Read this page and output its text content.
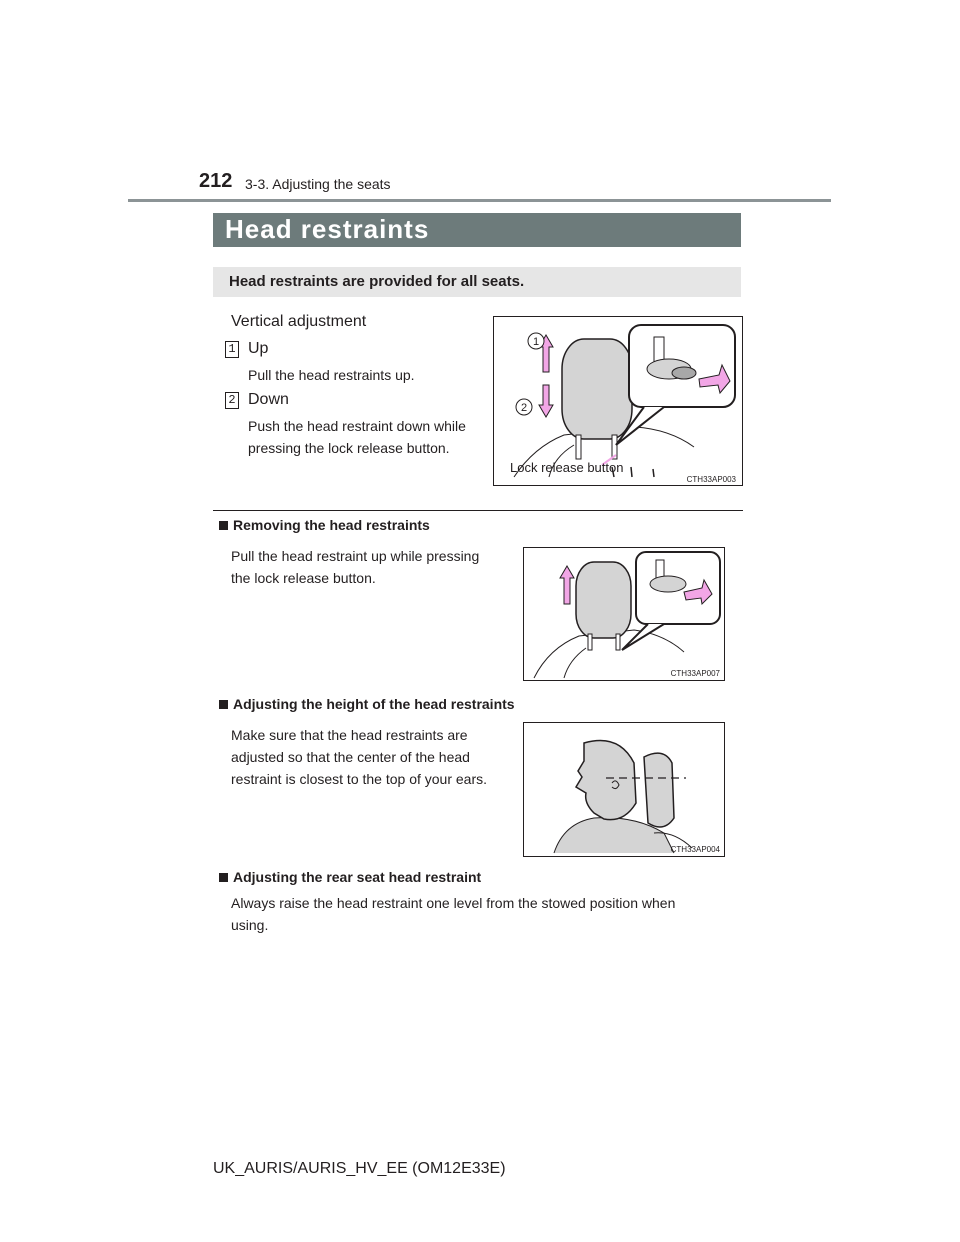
212 3-3. Adjusting the seats
Head restraints
Head restraints are provided for all seats.
Vertical adjustment
1 Up
Pull the head restraints up.
2 Down
Push the head restraint down while
pressing the lock release button.
1
2
Lock release button
CTH33AP003
Removing the head restraints
Pull the head restraint up while pressing
the lock release button.
CTH33AP007
Adjusting the height of the head restraints
Make sure that the head restraints are
adjusted so that the center of the head
restraint is closest to the top of your ears.
CTH33AP004
Adjusting the rear seat head restraint
Always raise the head restraint one level from the stowed position when
using.
UK_AURIS/AURIS_HV_EE (OM12E33E)
